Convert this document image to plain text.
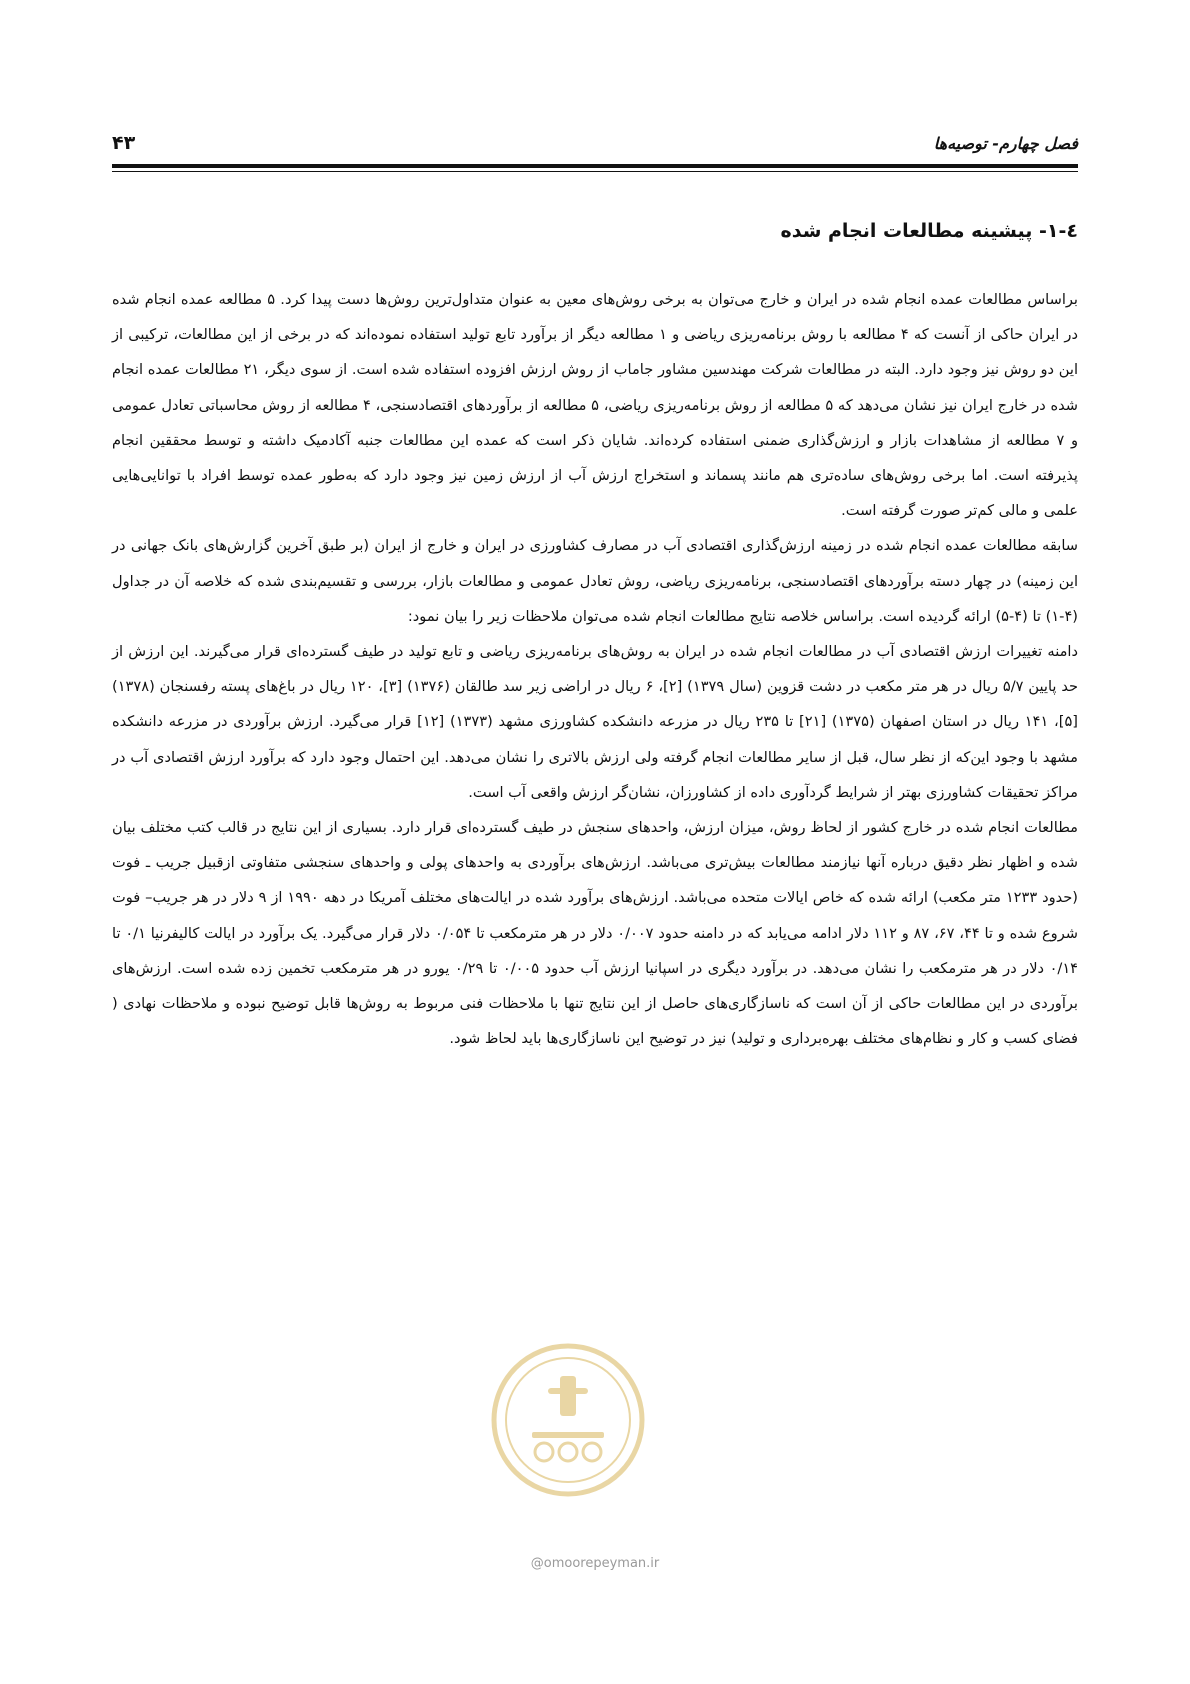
فصل چهارم- توصیه‌ها
۴۳
٤-١- پیشینه مطالعات انجام شده

براساس مطالعات عمده انجام شده در ایران و خارج می‌توان به برخی روش‌های معین به عنوان متداول‌ترین روش‌ها دست پیدا کرد. ۵ مطالعه عمده انجام شده در ایران حاکی از آنست که ۴ مطالعه با روش برنامه‌ریزی ریاضی و ۱ مطالعه دیگر از برآورد تابع تولید استفاده نموده‌اند که در برخی از این مطالعات، ترکیبی از این دو روش نیز وجود دارد. البته در مطالعات شرکت مهندسین مشاور جاماب از روش ارزش افزوده استفاده شده است. از سوی دیگر، ۲۱ مطالعات عمده انجام شده در خارج ایران نیز نشان می‌دهد که ۵ مطالعه از روش برنامه‌ریزی ریاضی، ۵ مطالعه از برآوردهای اقتصادسنجی، ۴ مطالعه از روش محاسباتی تعادل عمومی و ۷ مطالعه از مشاهدات بازار و ارزش‌گذاری ضمنی استفاده کرده‌اند. شایان ذکر است که عمده این مطالعات جنبه آکادمیک داشته و توسط محققین انجام پذیرفته است. اما برخی روش‌های ساده‌تری هم مانند پسماند و استخراج ارزش آب از ارزش زمین نیز وجود دارد که به‌طور عمده توسط افراد با توانایی‌هایی علمی و مالی کم‌تر صورت گرفته است.

سابقه مطالعات عمده انجام شده در زمینه ارزش‌گذاری اقتصادی آب در مصارف کشاورزی در ایران و خارج از ایران (بر طبق آخرین گزارش‌های بانک جهانی در این زمینه) در چهار دسته برآوردهای اقتصادسنجی، برنامه‌ریزی ریاضی، روش تعادل عمومی و مطالعات بازار، بررسی و تقسیم‌بندی شده که خلاصه آن در جداول (۴-۱) تا (۴-۵) ارائه گردیده است. براساس خلاصه نتایج مطالعات انجام شده می‌توان ملاحظات زیر را بیان نمود:

دامنه تغییرات ارزش اقتصادی آب در مطالعات انجام شده در ایران به روش‌های برنامه‌ریزی ریاضی و تابع تولید در طیف گسترده‌ای قرار می‌گیرند. این ارزش از حد پایین ۵/۷ ریال در هر متر مکعب در دشت قزوین (سال ۱۳۷۹) [۲]، ۶ ریال در اراضی زیر سد طالقان (۱۳۷۶) [۳]، ۱۲۰ ریال در باغ‌های پسته رفسنجان (۱۳۷۸) [۵]، ۱۴۱ ریال در استان اصفهان (۱۳۷۵) [۲۱] تا ۲۳۵ ریال در مزرعه دانشکده کشاورزی مشهد (۱۳۷۳) [۱۲] قرار می‌گیرد. ارزش برآوردی در مزرعه دانشکده مشهد با وجود این‌که از نظر سال، قبل از سایر مطالعات انجام گرفته ولی ارزش بالاتری را نشان می‌دهد. این احتمال وجود دارد که برآورد ارزش اقتصادی آب در مراکز تحقیقات کشاورزی بهتر از شرایط گردآوری داده از کشاورزان، نشان‌گر ارزش واقعی آب است.

مطالعات انجام شده در خارج کشور از لحاظ روش، میزان ارزش، واحدهای سنجش در طیف گسترده‌ای قرار دارد. بسیاری از این نتایج در قالب کتب مختلف بیان شده و اظهار نظر دقیق درباره آنها نیازمند مطالعات بیش‌تری می‌باشد. ارزش‌های برآوردی به واحدهای پولی و واحدهای سنجشی متفاوتی ازقبیل جریب ـ فوت (حدود ۱۲۳۳ متر مکعب) ارائه شده که خاص ایالات متحده می‌باشد. ارزش‌های برآورد شده در ایالت‌های مختلف آمریکا در دهه ۱۹۹۰ از ۹ دلار در هر جریب– فوت شروع شده و تا ۴۴، ۶۷، ۸۷ و ۱۱۲ دلار ادامه می‌یابد که در دامنه حدود ۰/۰۰۷ دلار در هر مترمکعب تا ۰/۰۵۴ دلار قرار می‌گیرد. یک برآورد در ایالت کالیفرنیا ۰/۱ تا ۰/۱۴ دلار در هر مترمکعب را نشان می‌دهد. در برآورد دیگری در اسپانیا ارزش آب حدود ۰/۰۰۵ تا ۰/۲۹ یورو در هر مترمکعب تخمین زده شده است. ارزش‌های برآوردی در این مطالعات حاکی از آن است که ناسازگاری‌های حاصل از این نتایج تنها با ملاحظات فنی مربوط به روش‌ها قابل توضیح نبوده و ملاحظات نهادی ( فضای کسب و کار و نظام‌های مختلف بهره‌برداری و تولید) نیز در توضیح این ناسازگاری‌ها باید لحاظ شود.

@omoorepeyman.ir
